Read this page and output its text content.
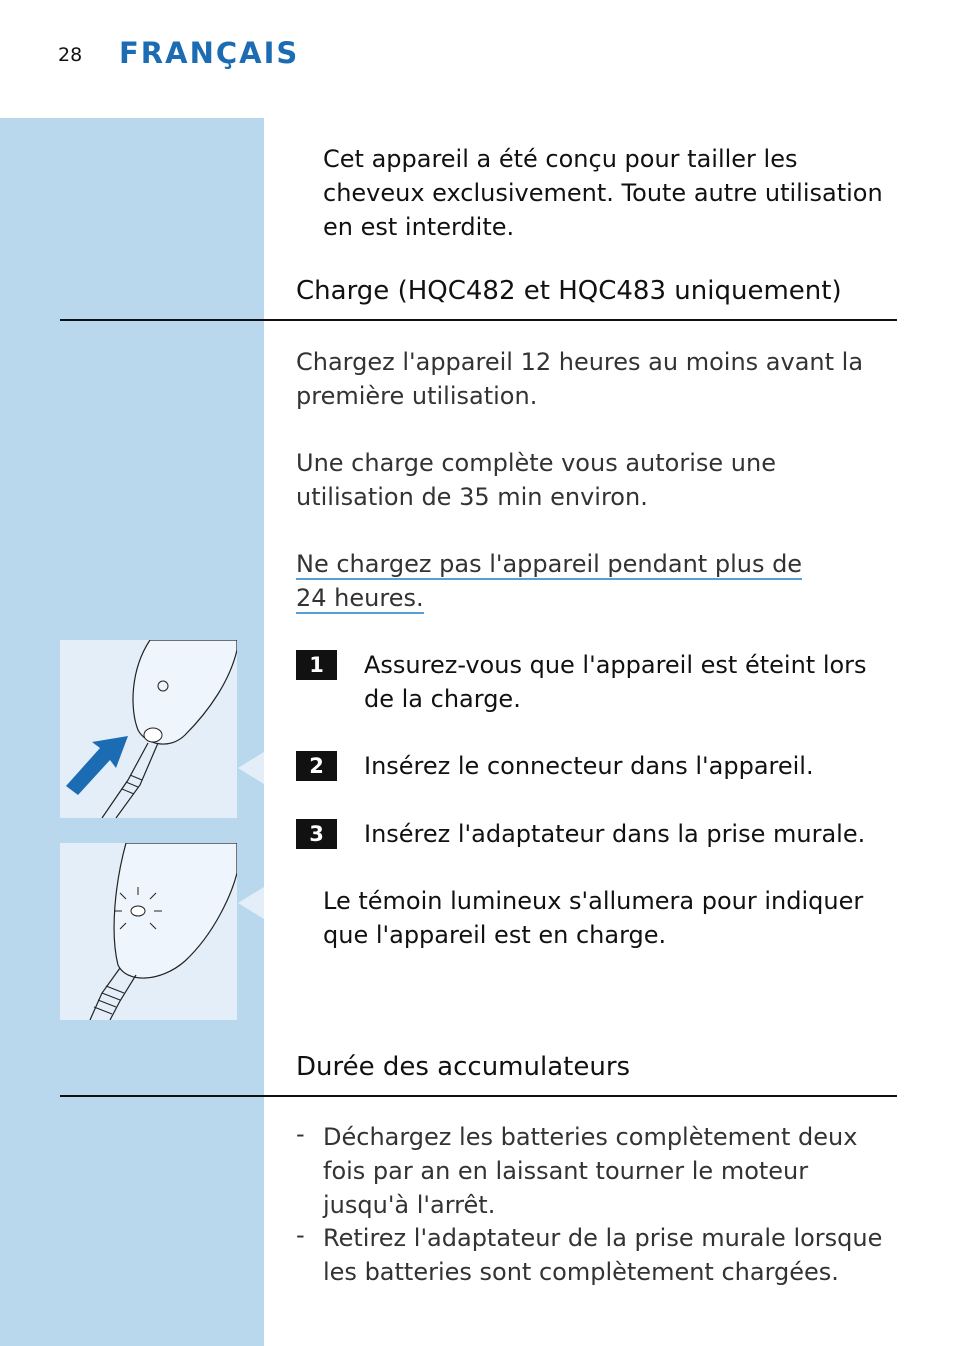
28 FRANÇAIS
Cet appareil a été conçu pour tailler les cheveux exclusivement. Toute autre utilisation en est interdite.
Charge (HQC482 et HQC483 uniquement)
Chargez l'appareil 12 heures au moins avant la première utilisation.
Une charge complète vous autorise une utilisation de 35 min environ.
Ne chargez pas l'appareil pendant plus de
24 heures.
1	Assurez-vous que l'appareil est éteint lors de la charge.
2	Insérez le connecteur dans l'appareil.
3	Insérez l'adaptateur dans la prise murale.
Le témoin lumineux s'allumera pour indiquer que l'appareil est en charge.
Durée des accumulateurs
- Déchargez les batteries complètement deux fois par an en laissant tourner le moteur jusqu'à l'arrêt.
- Retirez l'adaptateur de la prise murale lorsque les batteries sont complètement chargées.
